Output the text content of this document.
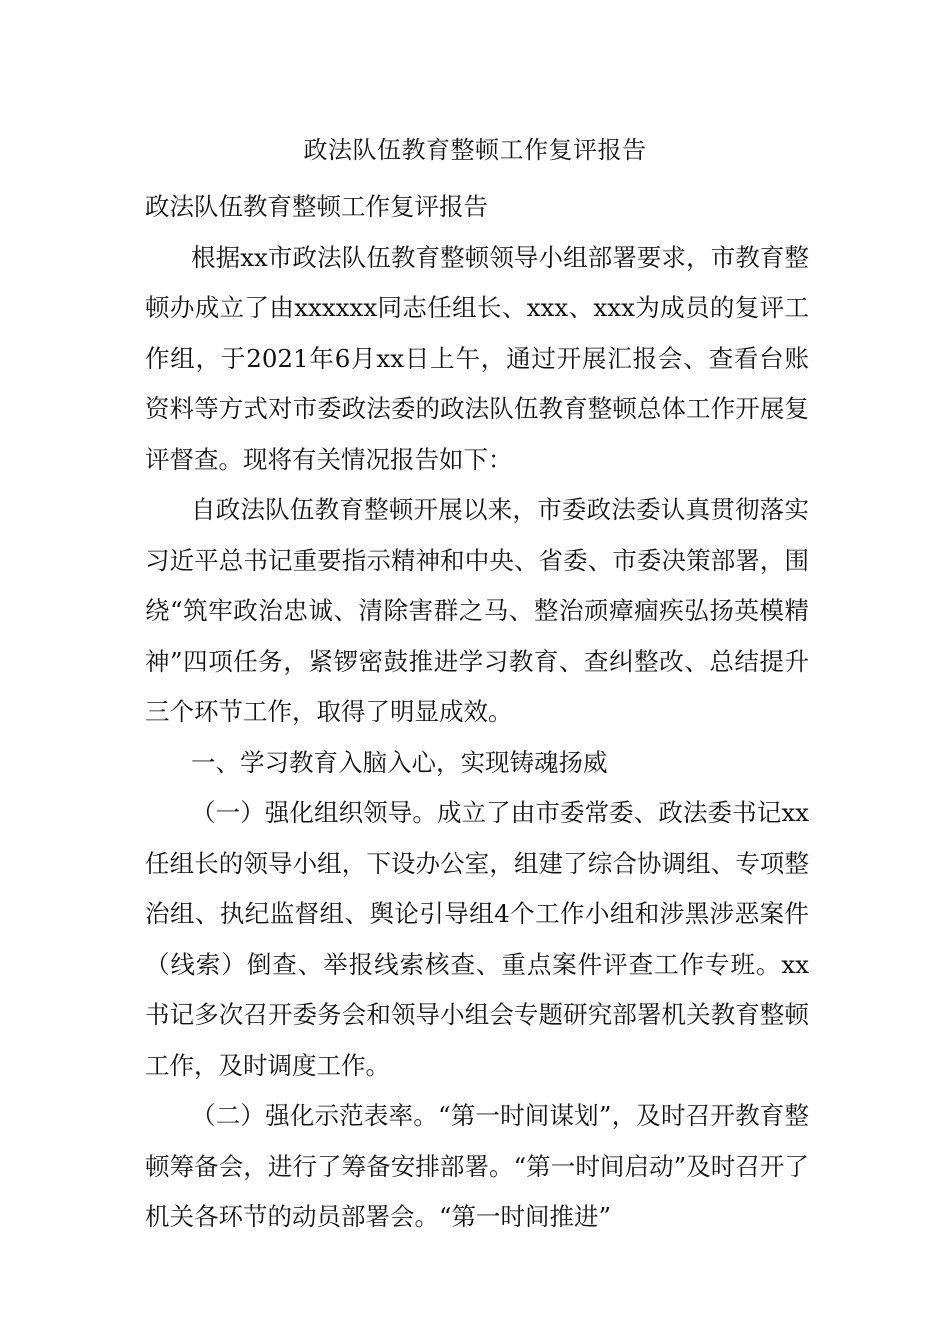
政法队伍教育整顿工作复评报告

政法队伍教育整顿工作复评报告

根据xx市政法队伍教育整顿领导小组部署要求，市教育整顿办成立了由xxxxxx同志任组长、xxx、xxx为成员的复评工作组，于2021年6月xx日上午，通过开展汇报会、查看台账资料等方式对市委政法委的政法队伍教育整顿总体工作开展复评督查。现将有关情况报告如下：

自政法队伍教育整顿开展以来，市委政法委认真贯彻落实习近平总书记重要指示精神和中央、省委、市委决策部署，围绕“筑牢政治忠诚、清除害群之马、整治顽瘴痼疾弘扬英模精神”四项任务，紧锣密鼓推进学习教育、查纠整改、总结提升三个环节工作，取得了明显成效。

一、学习教育入脑入心，实现铸魂扬威

（一）强化组织领导。成立了由市委常委、政法委书记xx任组长的领导小组，下设办公室，组建了综合协调组、专项整治组、执纪监督组、舆论引导组4个工作小组和涉黑涉恶案件（线索）倒查、举报线索核查、重点案件评查工作专班。xx书记多次召开委务会和领导小组会专题研究部署机关教育整顿工作，及时调度工作。

（二）强化示范表率。“第一时间谋划”，及时召开教育整顿筹备会，进行了筹备安排部署。“第一时间启动”及时召开了机关各环节的动员部署会。“第一时间推进”
